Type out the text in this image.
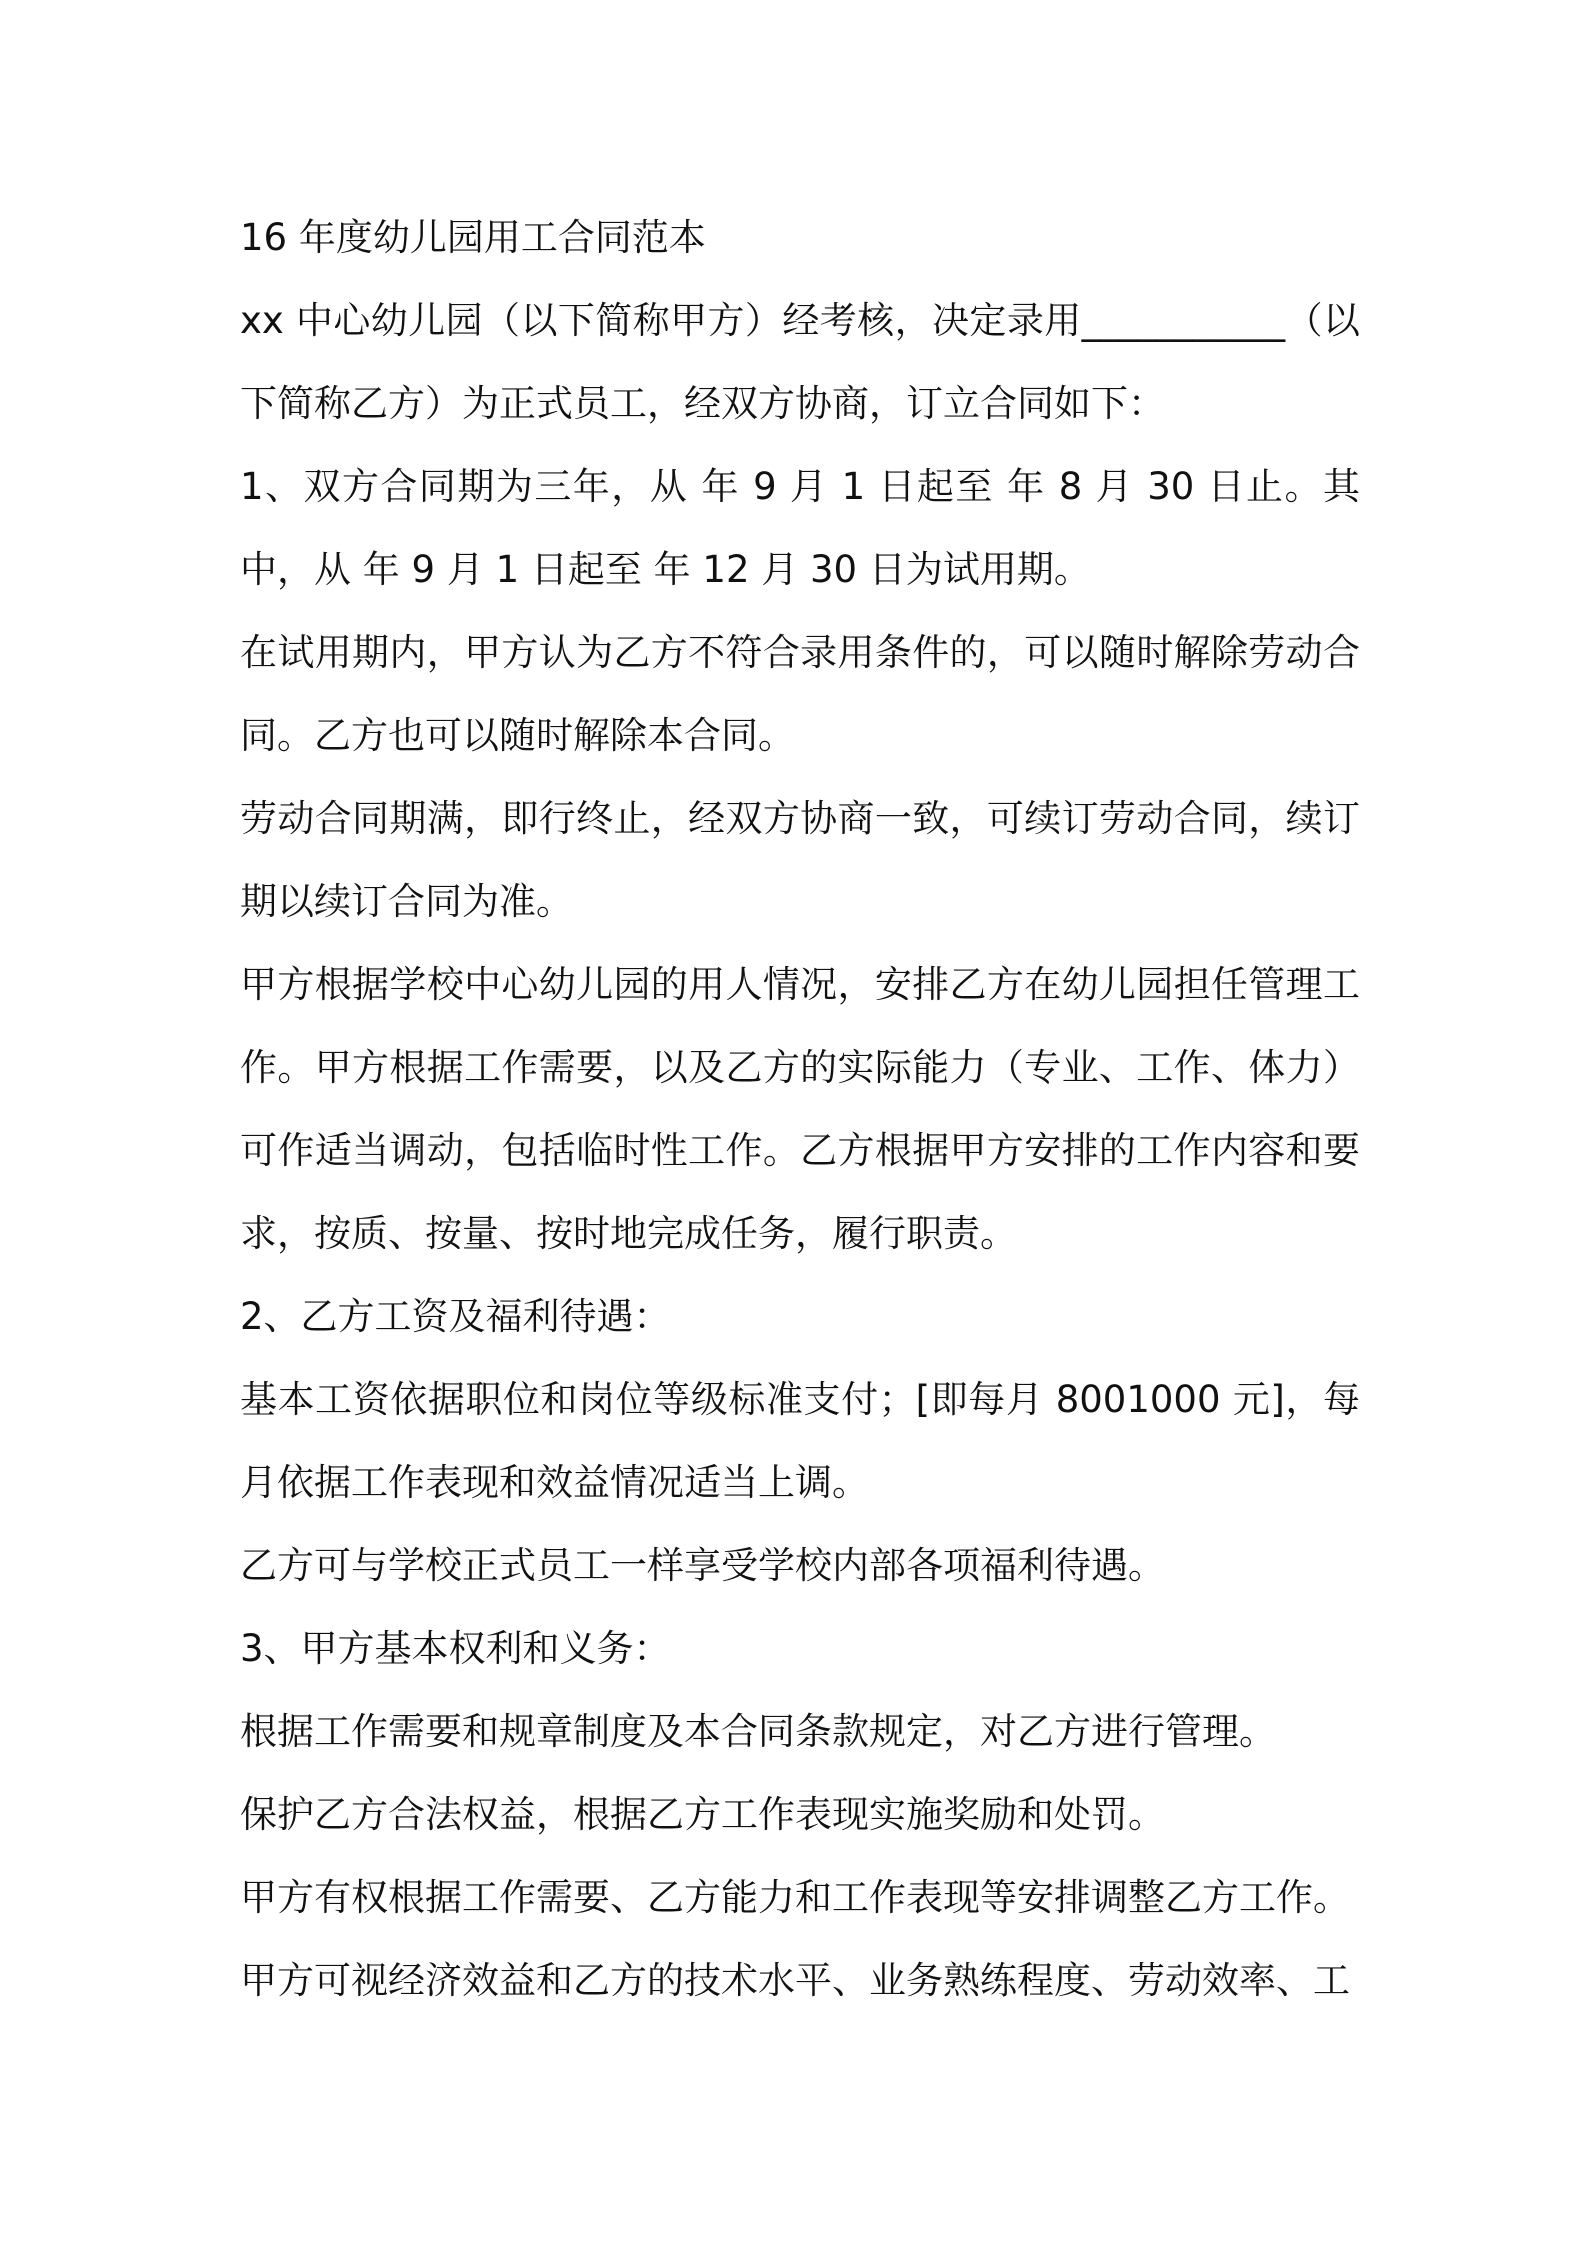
16 年度幼儿园用工合同范本

xx 中心幼儿园（以下简称甲方）经考核，决定录用___________（以下简称乙方）为正式员工，经双方协商，订立合同如下：

1、双方合同期为三年，从 年 9 月 1 日起至 年 8 月 30 日止。其中，从 年 9 月 1 日起至 年 12 月 30 日为试用期。

在试用期内，甲方认为乙方不符合录用条件的，可以随时解除劳动合同。乙方也可以随时解除本合同。

劳动合同期满，即行终止，经双方协商一致，可续订劳动合同，续订期以续订合同为准。

甲方根据学校中心幼儿园的用人情况，安排乙方在幼儿园担任管理工作。甲方根据工作需要，以及乙方的实际能力（专业、工作、体力）可作适当调动，包括临时性工作。乙方根据甲方安排的工作内容和要求，按质、按量、按时地完成任务，履行职责。

2、乙方工资及福利待遇：

基本工资依据职位和岗位等级标准支付；[即每月 8001000 元]，每月依据工作表现和效益情况适当上调。

乙方可与学校正式员工一样享受学校内部各项福利待遇。

3、甲方基本权利和义务：

根据工作需要和规章制度及本合同条款规定，对乙方进行管理。

保护乙方合法权益，根据乙方工作表现实施奖励和处罚。

甲方有权根据工作需要、乙方能力和工作表现等安排调整乙方工作。

甲方可视经济效益和乙方的技术水平、业务熟练程度、劳动效率、工
